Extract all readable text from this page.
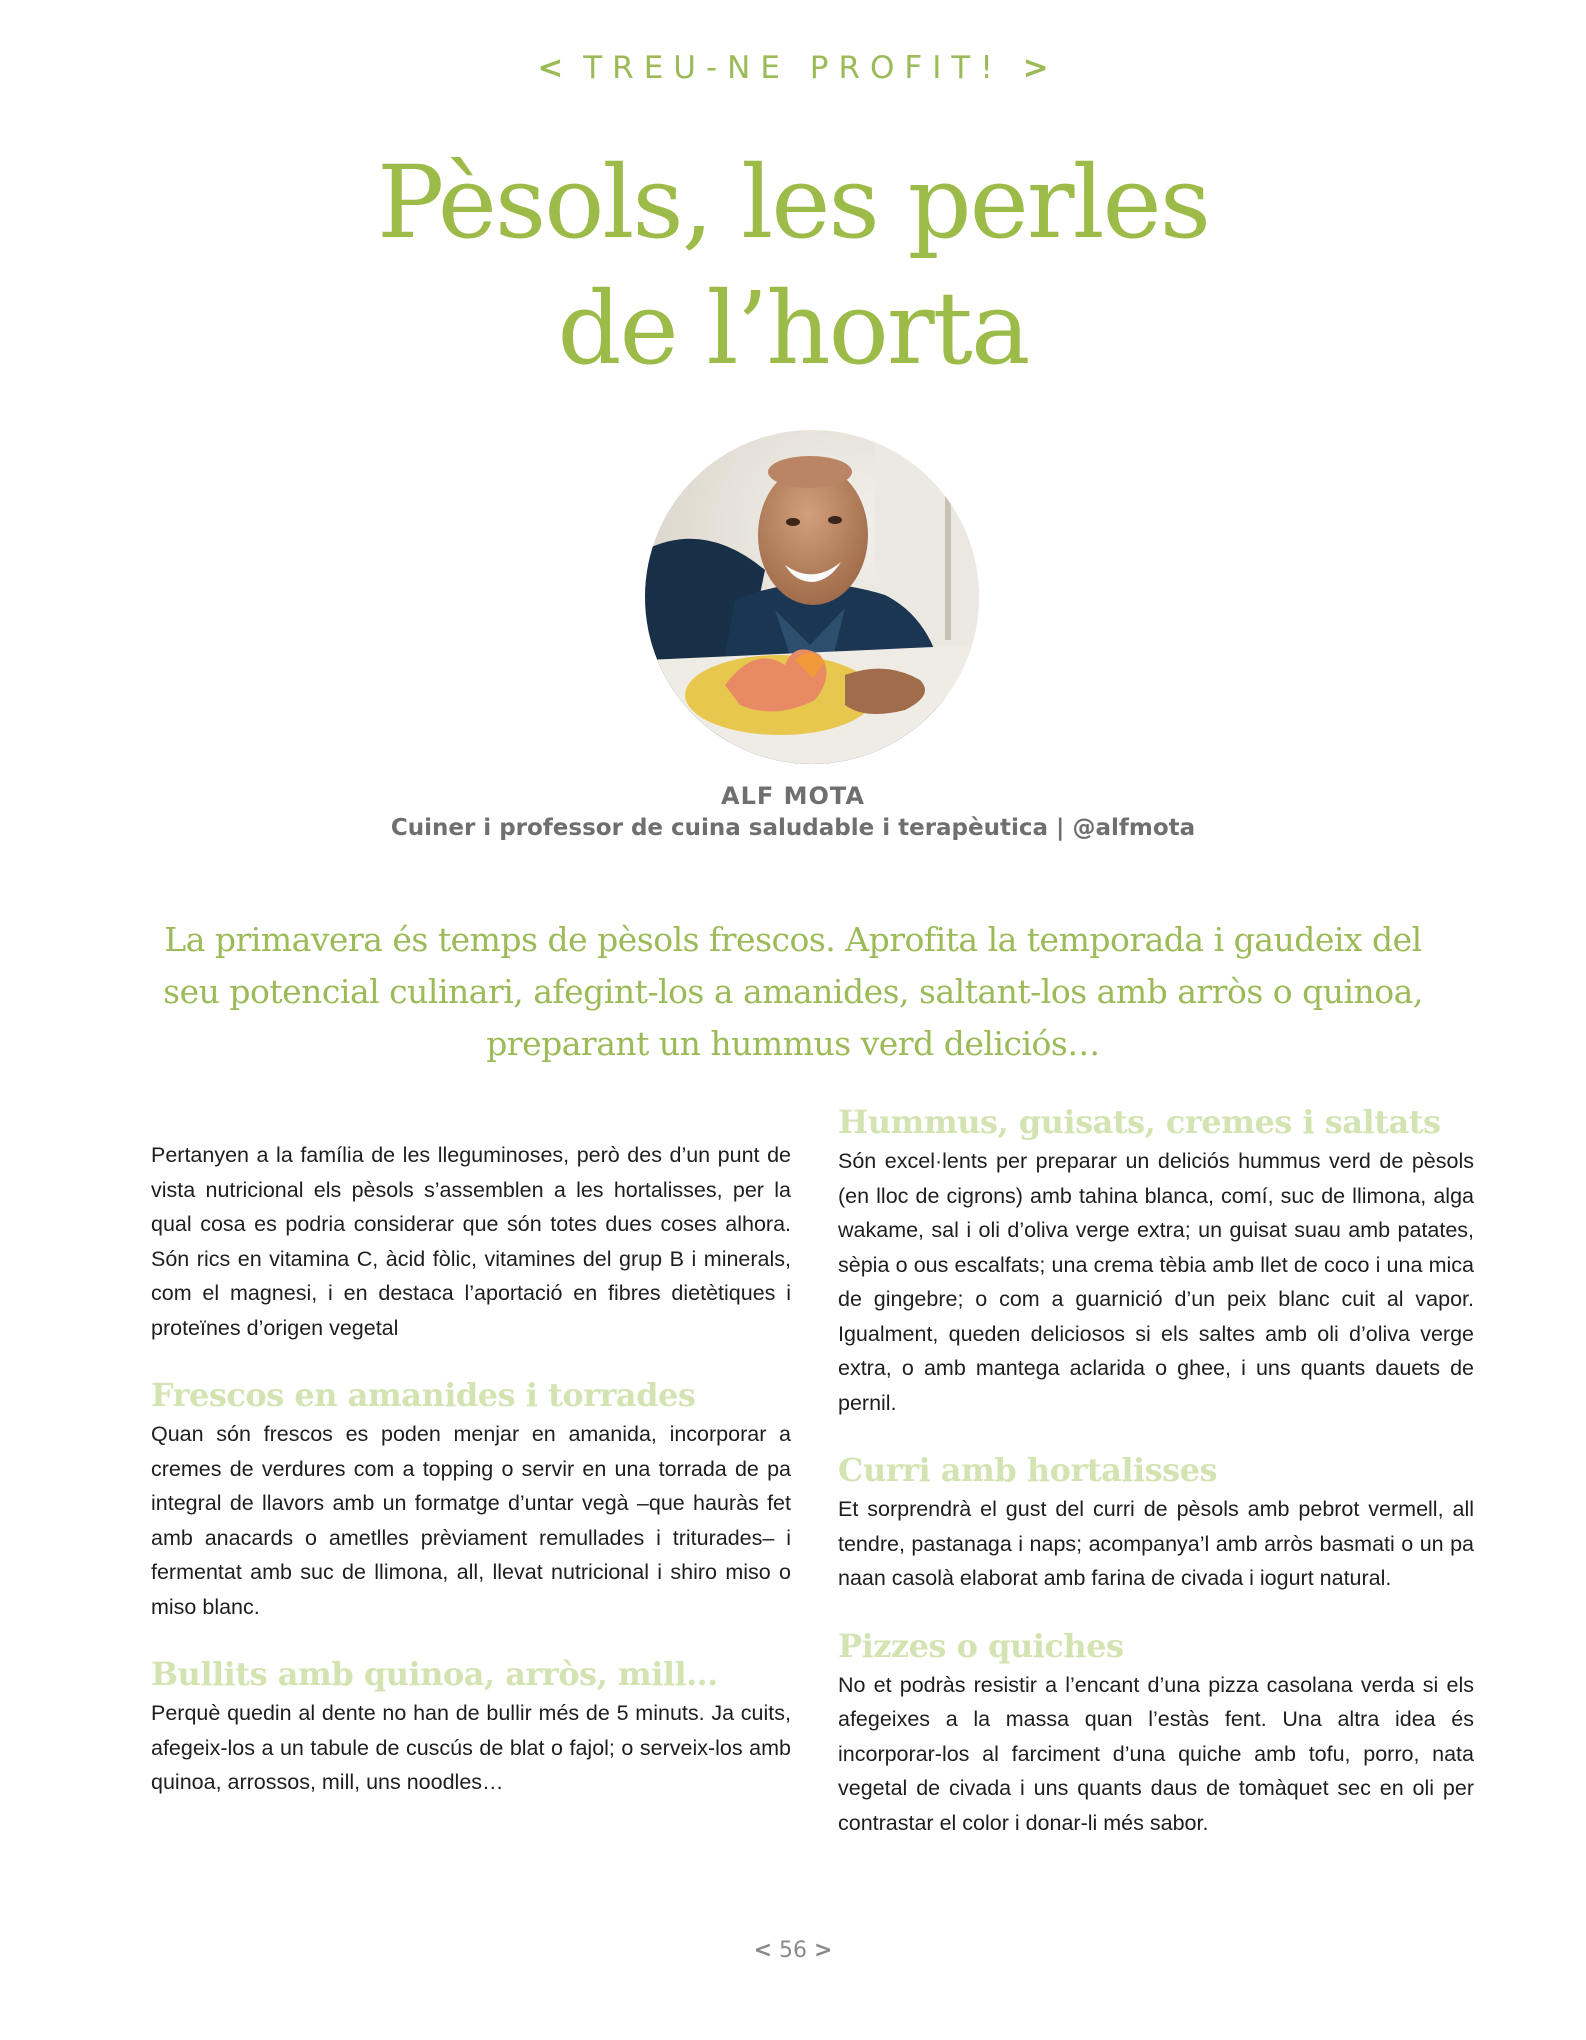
< TREU-NE PROFIT! >
Pèsols, les perles
de l’horta
ALF MOTA
Cuiner i professor de cuina saludable i terapèutica | @alfmota

La primavera és temps de pèsols frescos. Aprofita la temporada i gaudeix del seu potencial culinari, afegint-los a amanides, saltant-los amb arròs o quinoa, preparant un hummus verd deliciós…

Pertanyen a la família de les lleguminoses, però des d’un punt de vista nutricional els pèsols s’assemblen a les hortalisses, per la qual cosa es podria considerar que són totes dues coses alhora. Són rics en vitamina C, àcid fòlic, vitamines del grup B i minerals, com el magnesi, i en destaca l’aportació en fibres dietètiques i proteïnes d’origen vegetal

Frescos en amanides i torrades

Quan són frescos es poden menjar en amanida, incorporar a cremes de verdures com a topping o servir en una torrada de pa integral de llavors amb un formatge d’untar vegà –que hauràs fet amb anacards o ametlles prèviament remullades i triturades– i fermentat amb suc de llimona, all, llevat nutricional i shiro miso o miso blanc.

Bullits amb quinoa, arròs, mill…

Perquè quedin al dente no han de bullir més de 5 minuts. Ja cuits, afegeix-los a un tabule de cuscús de blat o fajol; o serveix-los amb quinoa, arrossos, mill, uns noodles…

Hummus, guisats, cremes i saltats

Són excel·lents per preparar un deliciós hummus verd de pèsols (en lloc de cigrons) amb tahina blanca, comí, suc de llimona, alga wakame, sal i oli d’oliva verge extra; un guisat suau amb patates, sèpia o ous escalfats; una crema tèbia amb llet de coco i una mica de gingebre; o com a guarnició d’un peix blanc cuit al vapor. Igualment, queden deliciosos si els saltes amb oli d’oliva verge extra, o amb mantega aclarida o ghee, i uns quants dauets de pernil.

Curri amb hortalisses

Et sorprendrà el gust del curri de pèsols amb pebrot vermell, all tendre, pastanaga i naps; acompanya’l amb arròs basmati o un pa naan casolà elaborat amb farina de civada i iogurt natural.

Pizzes o quiches

No et podràs resistir a l’encant d’una pizza casolana verda si els afegeixes a la massa quan l’estàs fent. Una altra idea és incorporar-los al farciment d’una quiche amb tofu, porro, nata vegetal de civada i uns quants daus de tomàquet sec en oli per contrastar el color i donar-li més sabor.

< 56 >
